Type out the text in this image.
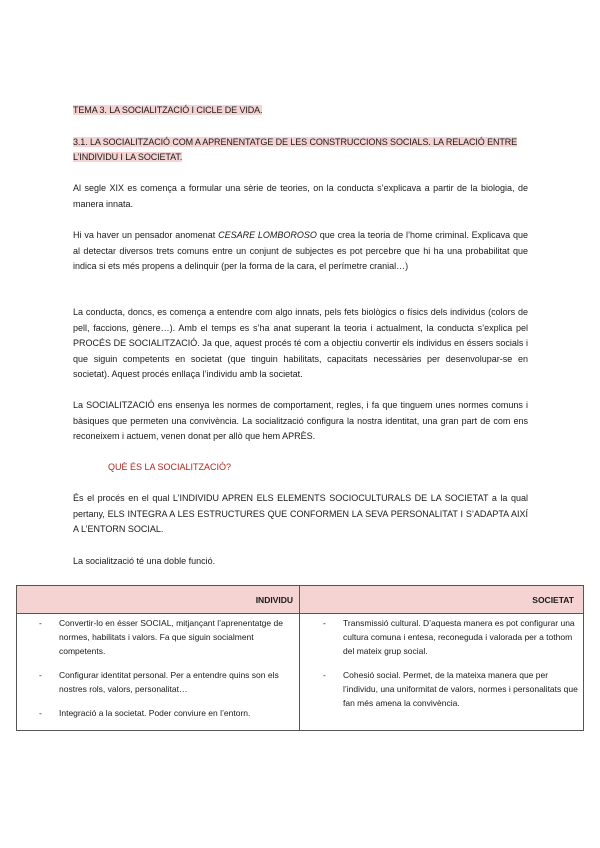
TEMA 3. LA SOCIALITZACIÓ I CICLE DE VIDA.
3.1. LA SOCIALITZACIÓ COM A APRENENTATGE DE LES CONSTRUCCIONS SOCIALS. LA RELACIÓ ENTRE
L’INDIVIDU I LA SOCIETAT.
Al segle XIX es comença a formular una sèrie de teories, on la conducta s’explicava a partir de la biologia, de manera innata.
Hi va haver un pensador anomenat CESARE LOMBOROSO que crea la teoria de l’home criminal. Explicava que al detectar diversos trets comuns entre un conjunt de subjectes es pot percebre que hi ha una probabilitat que indica si ets més propens a delinquir (per la forma de la cara, el perímetre cranial…)
La conducta, doncs, es comença a entendre com algo innats, pels fets biològics o físics dels individus (colors de pell, faccions, gènere…). Amb el temps es s’ha anat superant la teoria i actualment, la conducta s’explica pel PROCÉS DE SOCIALITZACIÓ. Ja que, aquest procés té com a objectiu convertir els individus en éssers socials i que siguin competents en societat (que tinguin habilitats, capacitats necessàries per desenvolupar-se en societat). Aquest procés enllaça l’individu amb la societat.
La SOCIALITZACIÓ ens ensenya les normes de comportament, regles, i fa que tinguem unes normes comuns i bàsiques que permeten una convivència. La socialització configura la nostra identitat, una gran part de com ens reconeixem i actuem, venen donat per allò que hem APRÈS.
QUÈ ÉS LA SOCIALITZACIÓ?
És el procés en el qual L’INDIVIDU APREN ELS ELEMENTS SOCIOCULTURALS DE LA SOCIETAT a la qual pertany, ELS INTEGRA A LES ESTRUCTURES QUE CONFORMEN LA SEVA PERSONALITAT I S’ADAPTA AIXÍ A L’ENTORN SOCIAL.
La socialització té una doble funció.
INDIVIDU	SOCIETAT
- Convertir-lo en ésser SOCIAL, mitjançant l’aprenentatge de normes, habilitats i valors. Fa que siguin socialment competents.
- Configurar identitat personal. Per a entendre quins son els nostres rols, valors, personalitat…
- Integració a la societat. Poder conviure en l’entorn.
- Transmissió cultural. D’aquesta manera es pot configurar una cultura comuna i entesa, reconeguda i valorada per a tothom del mateix grup social.
- Cohesió social. Permet, de la mateixa manera que per l’individu, una uniformitat de valors, normes i personalitats que fan més amena la convivència.
